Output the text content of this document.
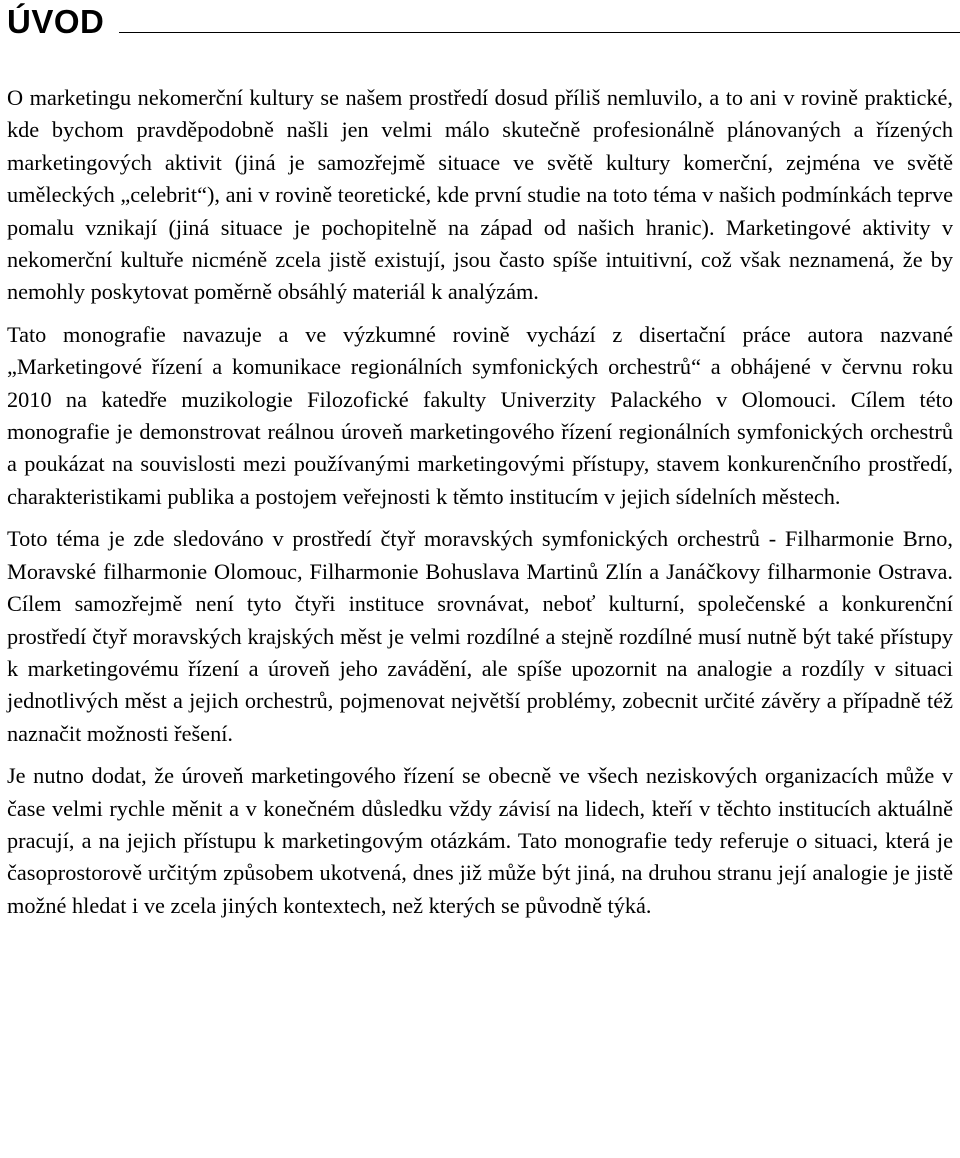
ÚVOD

O marketingu nekomerční kultury se našem prostředí dosud příliš nemluvilo, a to ani v rovině praktické, kde bychom pravděpodobně našli jen velmi málo skutečně profesionálně plánovaných a řízených marketingových aktivit (jiná je samozřejmě situace ve světě kultury komerční, zejména ve světě uměleckých „celebrit“), ani v rovině teoretické, kde první studie na toto téma v našich podmínkách teprve pomalu vznikají (jiná situace je pochopitelně na západ od našich hranic). Marketingové aktivity v nekomerční kultuře nicméně zcela jistě existují, jsou často spíše intuitivní, což však neznamená, že by nemohly poskytovat poměrně obsáhlý materiál k analýzám.

Tato monografie navazuje a ve výzkumné rovině vychází z disertační práce autora nazvané „Marketingové řízení a komunikace regionálních symfonických orchestrů“ a obhájené v červnu roku 2010 na katedře muzikologie Filozofické fakulty Univerzity Palackého v Olomouci. Cílem této monografie je demonstrovat reálnou úroveň marketingového řízení regionálních symfonických orchestrů a poukázat na souvislosti mezi používanými marketingovými přístupy, stavem konkurenčního prostředí, charakteristikami publika a postojem veřejnosti k těmto institucím v jejich sídelních městech.

Toto téma je zde sledováno v prostředí čtyř moravských symfonických orchestrů - Filharmonie Brno, Moravské filharmonie Olomouc, Filharmonie Bohuslava Martinů Zlín a Janáčkovy filharmonie Ostrava. Cílem samozřejmě není tyto čtyři instituce srovnávat, neboť kulturní, společenské a konkurenční prostředí čtyř moravských krajských měst je velmi rozdílné a stejně rozdílné musí nutně být také přístupy k marketingovému řízení a úroveň jeho zavádění, ale spíše upozornit na analogie a rozdíly v situaci jednotlivých měst a jejich orchestrů, pojmenovat největší problémy, zobecnit určité závěry a případně též naznačit možnosti řešení.

Je nutno dodat, že úroveň marketingového řízení se obecně ve všech neziskových organizacích může v čase velmi rychle měnit a v konečném důsledku vždy závisí na lidech, kteří v těchto institucích aktuálně pracují, a na jejich přístupu k marketingovým otázkám. Tato monografie tedy referuje o situaci, která je časoprostorově určitým způsobem ukotvená, dnes již může být jiná, na druhou stranu její analogie je jistě možné hledat i ve zcela jiných kontextech, než kterých se původně týká.
